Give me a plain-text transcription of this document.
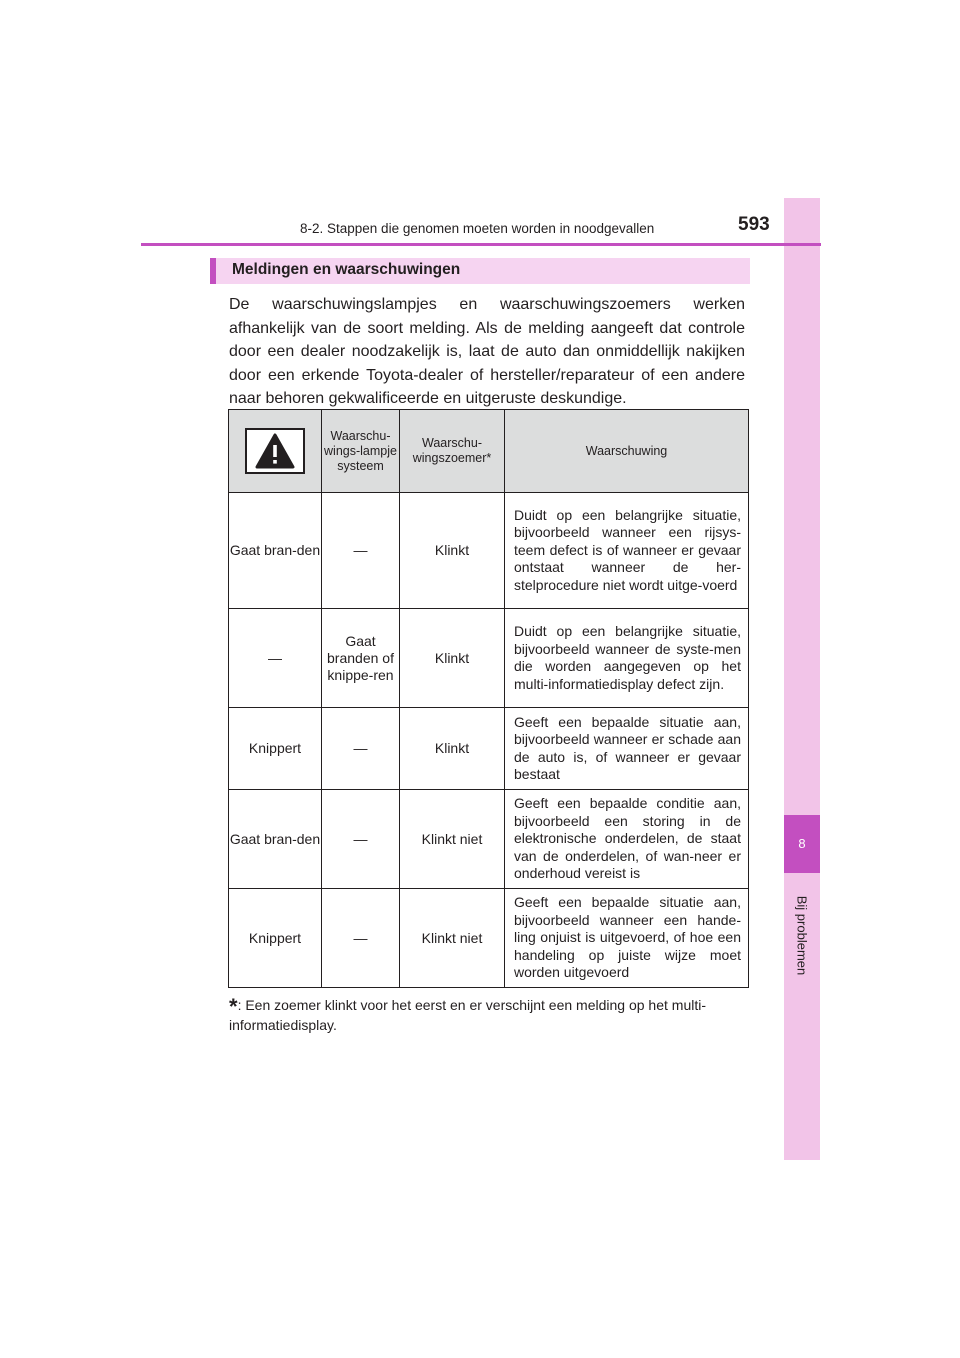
8
Bij problemen
8-2. Stappen die genomen moeten worden in noodgevallen	593
Meldingen en waarschuwingen
De waarschuwingslampjes en waarschuwingszoemers werken afhankelijk van de soort melding. Als de melding aangeeft dat controle door een dealer noodzakelijk is, laat de auto dan onmiddellijk nakijken door een erkende Toyota-dealer of hersteller/reparateur of een andere naar behoren gekwalificeerde en uitgeruste deskundige.
	Waarschu-wings-lampje systeem	Waarschu-wingszoemer*	Waarschuwing
Gaat bran-den	—	Klinkt	Duidt op een belangrijke situatie, bijvoorbeeld wanneer een rijsys-teem defect is of wanneer er gevaar ontstaat wanneer de her-stelprocedure niet wordt uitge-voerd
—	Gaat branden of knippe-ren	Klinkt	Duidt op een belangrijke situatie, bijvoorbeeld wanneer de syste-men die worden aangegeven op het multi-informatiedisplay defect zijn.
Knippert	—	Klinkt	Geeft een bepaalde situatie aan, bijvoorbeeld wanneer er schade aan de auto is, of wanneer er gevaar bestaat
Gaat bran-den	—	Klinkt niet	Geeft een bepaalde conditie aan, bijvoorbeeld een storing in de elektronische onderdelen, de staat van de onderdelen, of wan-neer er onderhoud vereist is
Knippert	—	Klinkt niet	Geeft een bepaalde situatie aan, bijvoorbeeld wanneer een hande-ling onjuist is uitgevoerd, of hoe een handeling op juiste wijze moet worden uitgevoerd
*: Een zoemer klinkt voor het eerst en er verschijnt een melding op het multi-informatiedisplay.
